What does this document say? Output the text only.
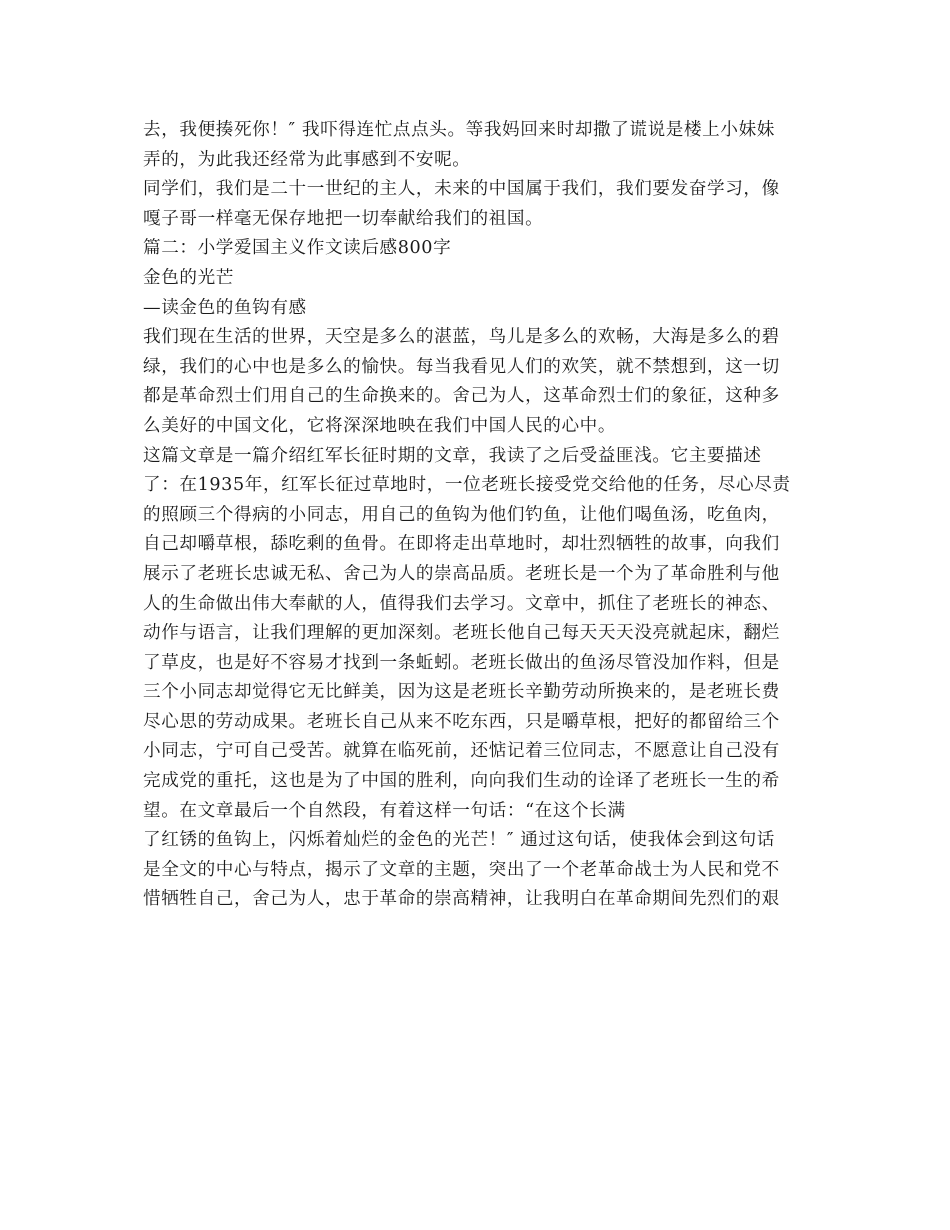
去，我便揍死你！″ 我吓得连忙点点头。等我妈回来时却撒了谎说是楼上小妹妹
弄的，为此我还经常为此事感到不安呢。
同学们，我们是二十一世纪的主人，未来的中国属于我们，我们要发奋学习，像
嘎子哥一样毫无保存地把一切奉献给我们的祖国。
篇二：小学爱国主义作文读后感800字
金色的光芒
—读金色的鱼钩有感
我们现在生活的世界，天空是多么的湛蓝，鸟儿是多么的欢畅，大海是多么的碧
绿，我们的心中也是多么的愉快。每当我看见人们的欢笑，就不禁想到，这一切
都是革命烈士们用自己的生命换来的。舍己为人，这革命烈士们的象征，这种多
么美好的中国文化，它将深深地映在我们中国人民的心中。
这篇文章是一篇介绍红军长征时期的文章，我读了之后受益匪浅。它主要描述
了：在1935年，红军长征过草地时，一位老班长接受党交给他的任务，尽心尽责
的照顾三个得病的小同志，用自己的鱼钩为他们钓鱼，让他们喝鱼汤，吃鱼肉，
自己却嚼草根，舔吃剩的鱼骨。在即将走出草地时，却壮烈牺牲的故事，向我们
展示了老班长忠诚无私、舍己为人的崇高品质。老班长是一个为了革命胜利与他
人的生命做出伟大奉献的人，值得我们去学习。文章中，抓住了老班长的神态、
动作与语言，让我们理解的更加深刻。老班长他自己每天天天没亮就起床，翻烂
了草皮，也是好不容易才找到一条蚯蚓。老班长做出的鱼汤尽管没加作料，但是
三个小同志却觉得它无比鲜美，因为这是老班长辛勤劳动所换来的，是老班长费
尽心思的劳动成果。老班长自己从来不吃东西，只是嚼草根，把好的都留给三个
小同志，宁可自己受苦。就算在临死前，还惦记着三位同志，不愿意让自己没有
完成党的重托，这也是为了中国的胜利，向向我们生动的诠译了老班长一生的希
望。在文章最后一个自然段，有着这样一句话：“在这个长满
了红锈的鱼钩上，闪烁着灿烂的金色的光芒！″ 通过这句话，使我体会到这句话
是全文的中心与特点，揭示了文章的主题，突出了一个老革命战士为人民和党不
惜牺牲自己，舍己为人，忠于革命的崇高精神，让我明白在革命期间先烈们的艰
